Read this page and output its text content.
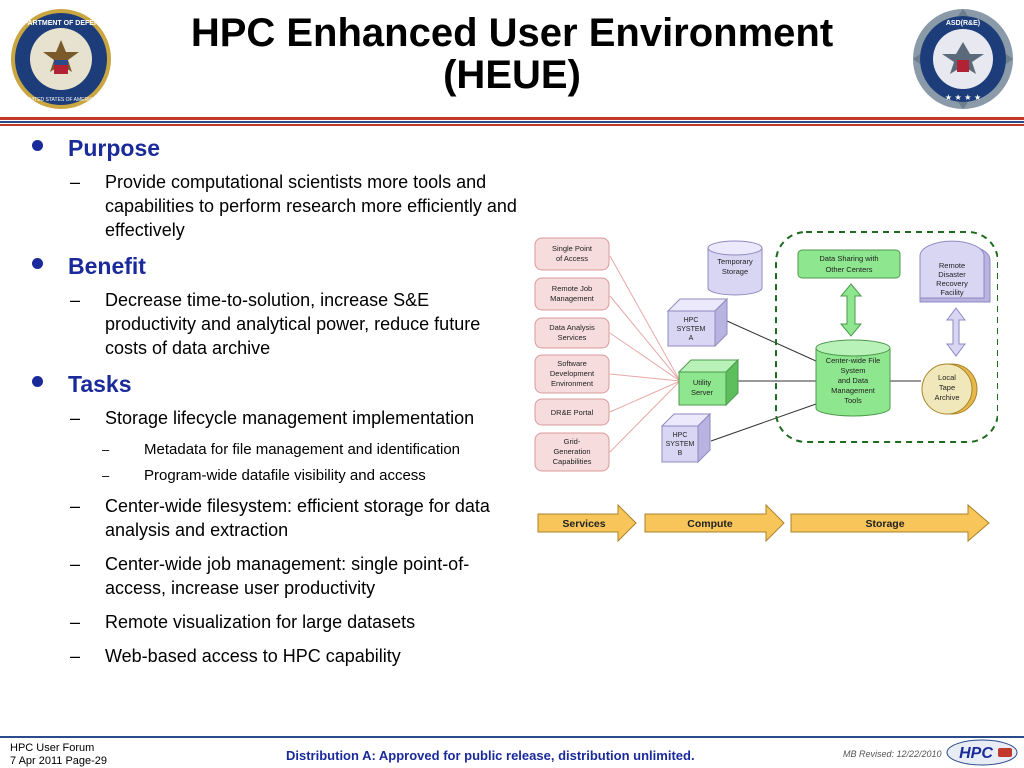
DEPARTMENT OF DEFENSE
UNITED STATES OF AMERICA
HPC Enhanced User Environment
(HEUE)
ASD(R&E)
★ ★ ★ ★
Purpose
– Provide computational scientists more tools and capabilities to perform research more efficiently and effectively
Benefit
– Decrease time-to-solution, increase S&E productivity and analytical power, reduce future costs of data archive
Tasks
– Storage lifecycle management implementation
– Metadata for file management and identification
– Program-wide datafile visibility and access
– Center-wide filesystem: efficient storage for data analysis and extraction
– Center-wide job management: single point-of-access, increase user productivity
– Remote visualization for large datasets
– Web-based access to HPC capability
Single Point
of Access
Remote Job
Management
Data Analysis
Services
Software
Development
Environment
DR&E Portal
Grid-
Generation
Capabilities
Temporary
Storage
HPC
SYSTEM
A
Utility
Server
HPC
SYSTEM
B
Data Sharing with
Other Centers
Center-wide File
System
and Data
Management
Tools
Remote
Disaster
Recovery
Facility
Local
Tape
Archive
Services	Compute	Storage
HPC User Forum
7 Apr 2011 Page-29	Distribution A: Approved for public release, distribution unlimited.	MB Revised: 12/22/2010 HPC
